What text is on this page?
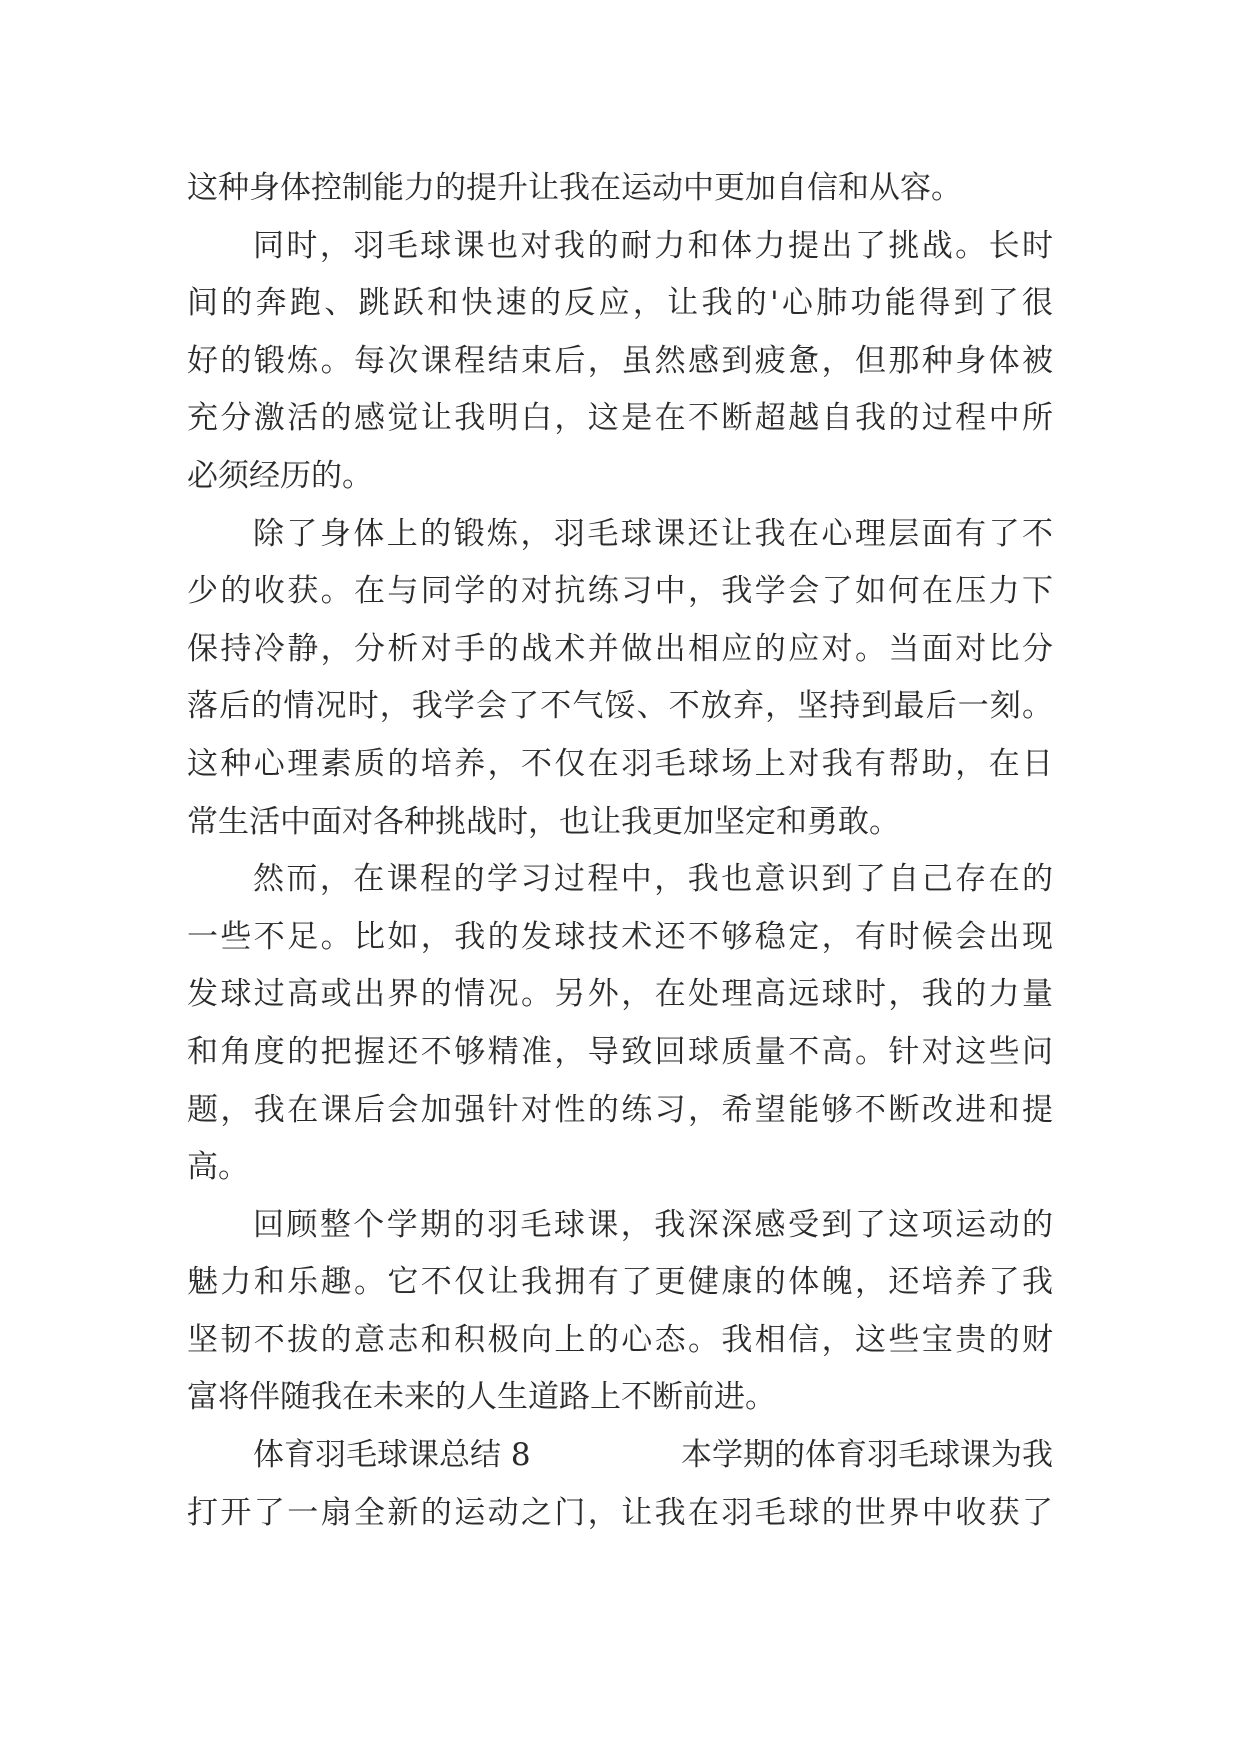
这种身体控制能力的提升让我在运动中更加自信和从容。
同时，羽毛球课也对我的耐力和体力提出了挑战。长时
间的奔跑、跳跃和快速的反应，让我的'心肺功能得到了很
好的锻炼。每次课程结束后，虽然感到疲惫，但那种身体被
充分激活的感觉让我明白，这是在不断超越自我的过程中所
必须经历的。
除了身体上的锻炼，羽毛球课还让我在心理层面有了不
少的收获。在与同学的对抗练习中，我学会了如何在压力下
保持冷静，分析对手的战术并做出相应的应对。当面对比分
落后的情况时，我学会了不气馁、不放弃，坚持到最后一刻。
这种心理素质的培养，不仅在羽毛球场上对我有帮助，在日
常生活中面对各种挑战时，也让我更加坚定和勇敢。
然而，在课程的学习过程中，我也意识到了自己存在的
一些不足。比如，我的发球技术还不够稳定，有时候会出现
发球过高或出界的情况。另外，在处理高远球时，我的力量
和角度的把握还不够精准，导致回球质量不高。针对这些问
题，我在课后会加强针对性的练习，希望能够不断改进和提
高。
回顾整个学期的羽毛球课，我深深感受到了这项运动的
魅力和乐趣。它不仅让我拥有了更健康的体魄，还培养了我
坚韧不拔的意志和积极向上的心态。我相信，这些宝贵的财
富将伴随我在未来的人生道路上不断前进。
体育羽毛球课总结 8	本学期的体育羽毛球课为我
打开了一扇全新的运动之门，让我在羽毛球的世界中收获了
